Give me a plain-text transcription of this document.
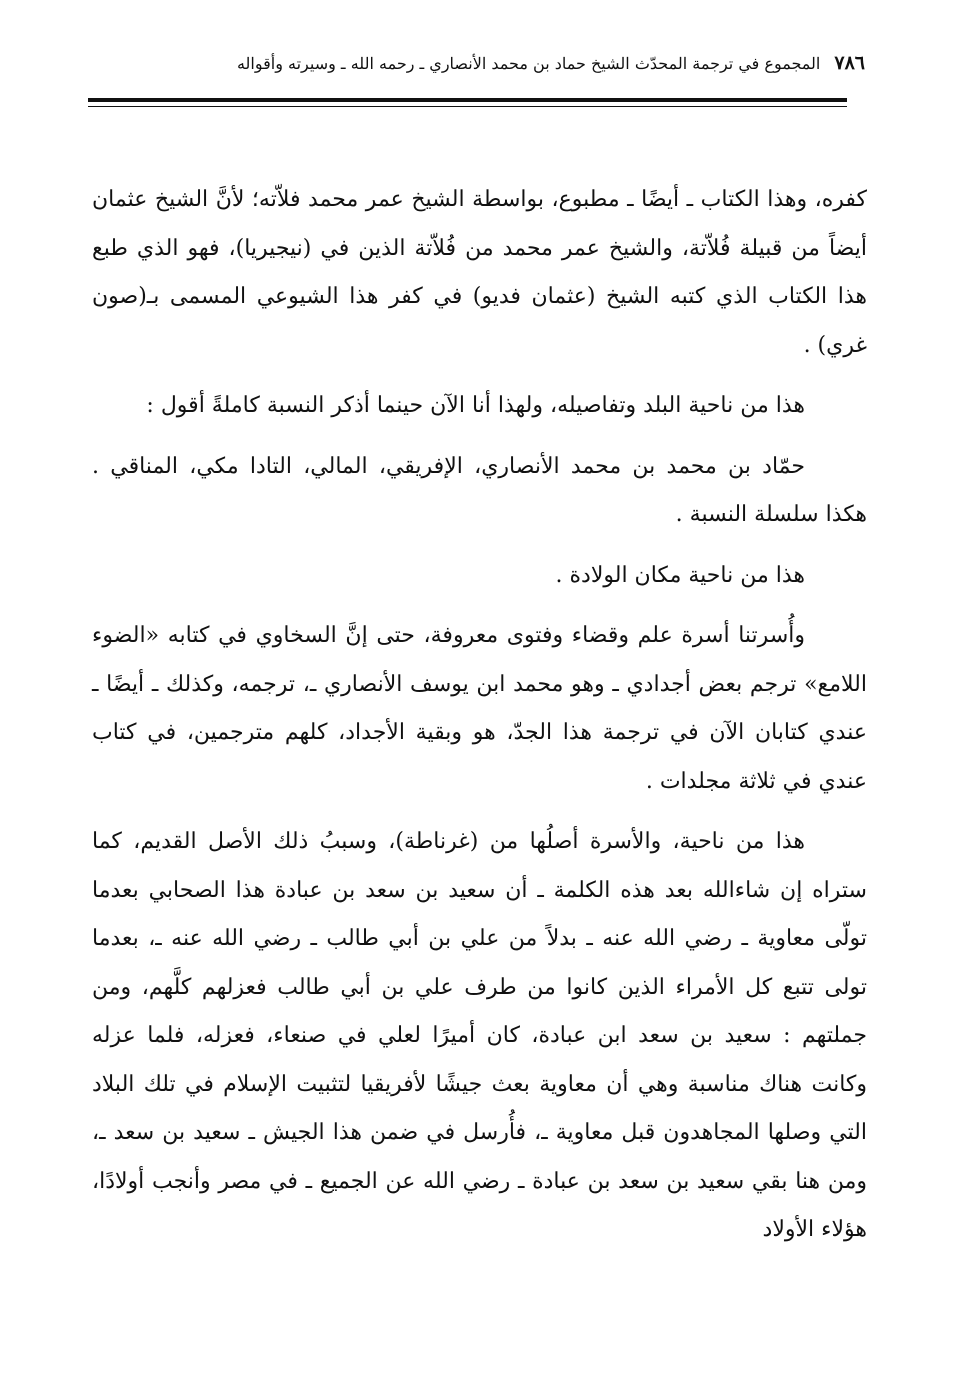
٧٨٦
المجموع في ترجمة المحدّث الشيخ حماد بن محمد الأنصاري ـ رحمه الله ـ وسيرته وأقواله

كفره، وهذا الكتاب ـ أيضًا ـ مطبوع، بواسطة الشيخ عمر محمد فلاّته؛ لأنَّ الشيخ عثمان أيضاً من قبيلة فُلاّتة، والشيخ عمر محمد من فُلاّتة الذين في (نيجيريا)، فهو الذي طبع هذا الكتاب الذي كتبه الشيخ (عثمان فديو) في كفر هذا الشيوعي المسمى بـ(صون غري) .

هذا من ناحية البلد وتفاصيله، ولهذا أنا الآن حينما أذكر النسبة كاملةً أقول :

حمّاد بن محمد بن محمد الأنصاري، الإفريقي، المالي، التادا مكي، المناقي . هكذا سلسلة النسبة .

هذا من ناحية مكان الولادة .

وأُسرتنا أسرة علم وقضاء وفتوى معروفة، حتى إنَّ السخاوي في كتابه «الضوء اللامع» ترجم بعض أجدادي ـ وهو محمد ابن يوسف الأنصاري ـ، ترجمه، وكذلك ـ أيضًا ـ عندي كتابان الآن في ترجمة هذا الجدّ، هو وبقية الأجداد، كلهم مترجمين، في كتاب عندي في ثلاثة مجلدات .

هذا من ناحية، والأسرة أصلُها من (غرناطة)، وسببُ ذلك الأصل القديم، كما ستراه إن شاءالله بعد هذه الكلمة ـ أن سعيد بن سعد بن عبادة هذا الصحابي بعدما تولّى معاوية ـ رضي الله عنه ـ بدلاً من علي بن أبي طالب ـ رضي الله عنه ـ، بعدما تولى تتبع كل الأمراء الذين كانوا من طرف علي بن أبي طالب فعزلهم كلَّهم، ومن جملتهم : سعيد بن سعد ابن عبادة، كان أميرًا لعلي في صنعاء، فعزله، فلما عزله وكانت هناك مناسبة وهي أن معاوية بعث جيشًا لأفريقيا لتثبيت الإسلام في تلك البلاد التي وصلها المجاهدون قبل معاوية ـ، فأُرسل في ضمن هذا الجيش ـ سعيد بن سعد ـ، ومن هنا بقي سعيد بن سعد بن عبادة ـ رضي الله عن الجميع ـ في مصر وأنجب أولادًا، هؤلاء الأولاد
